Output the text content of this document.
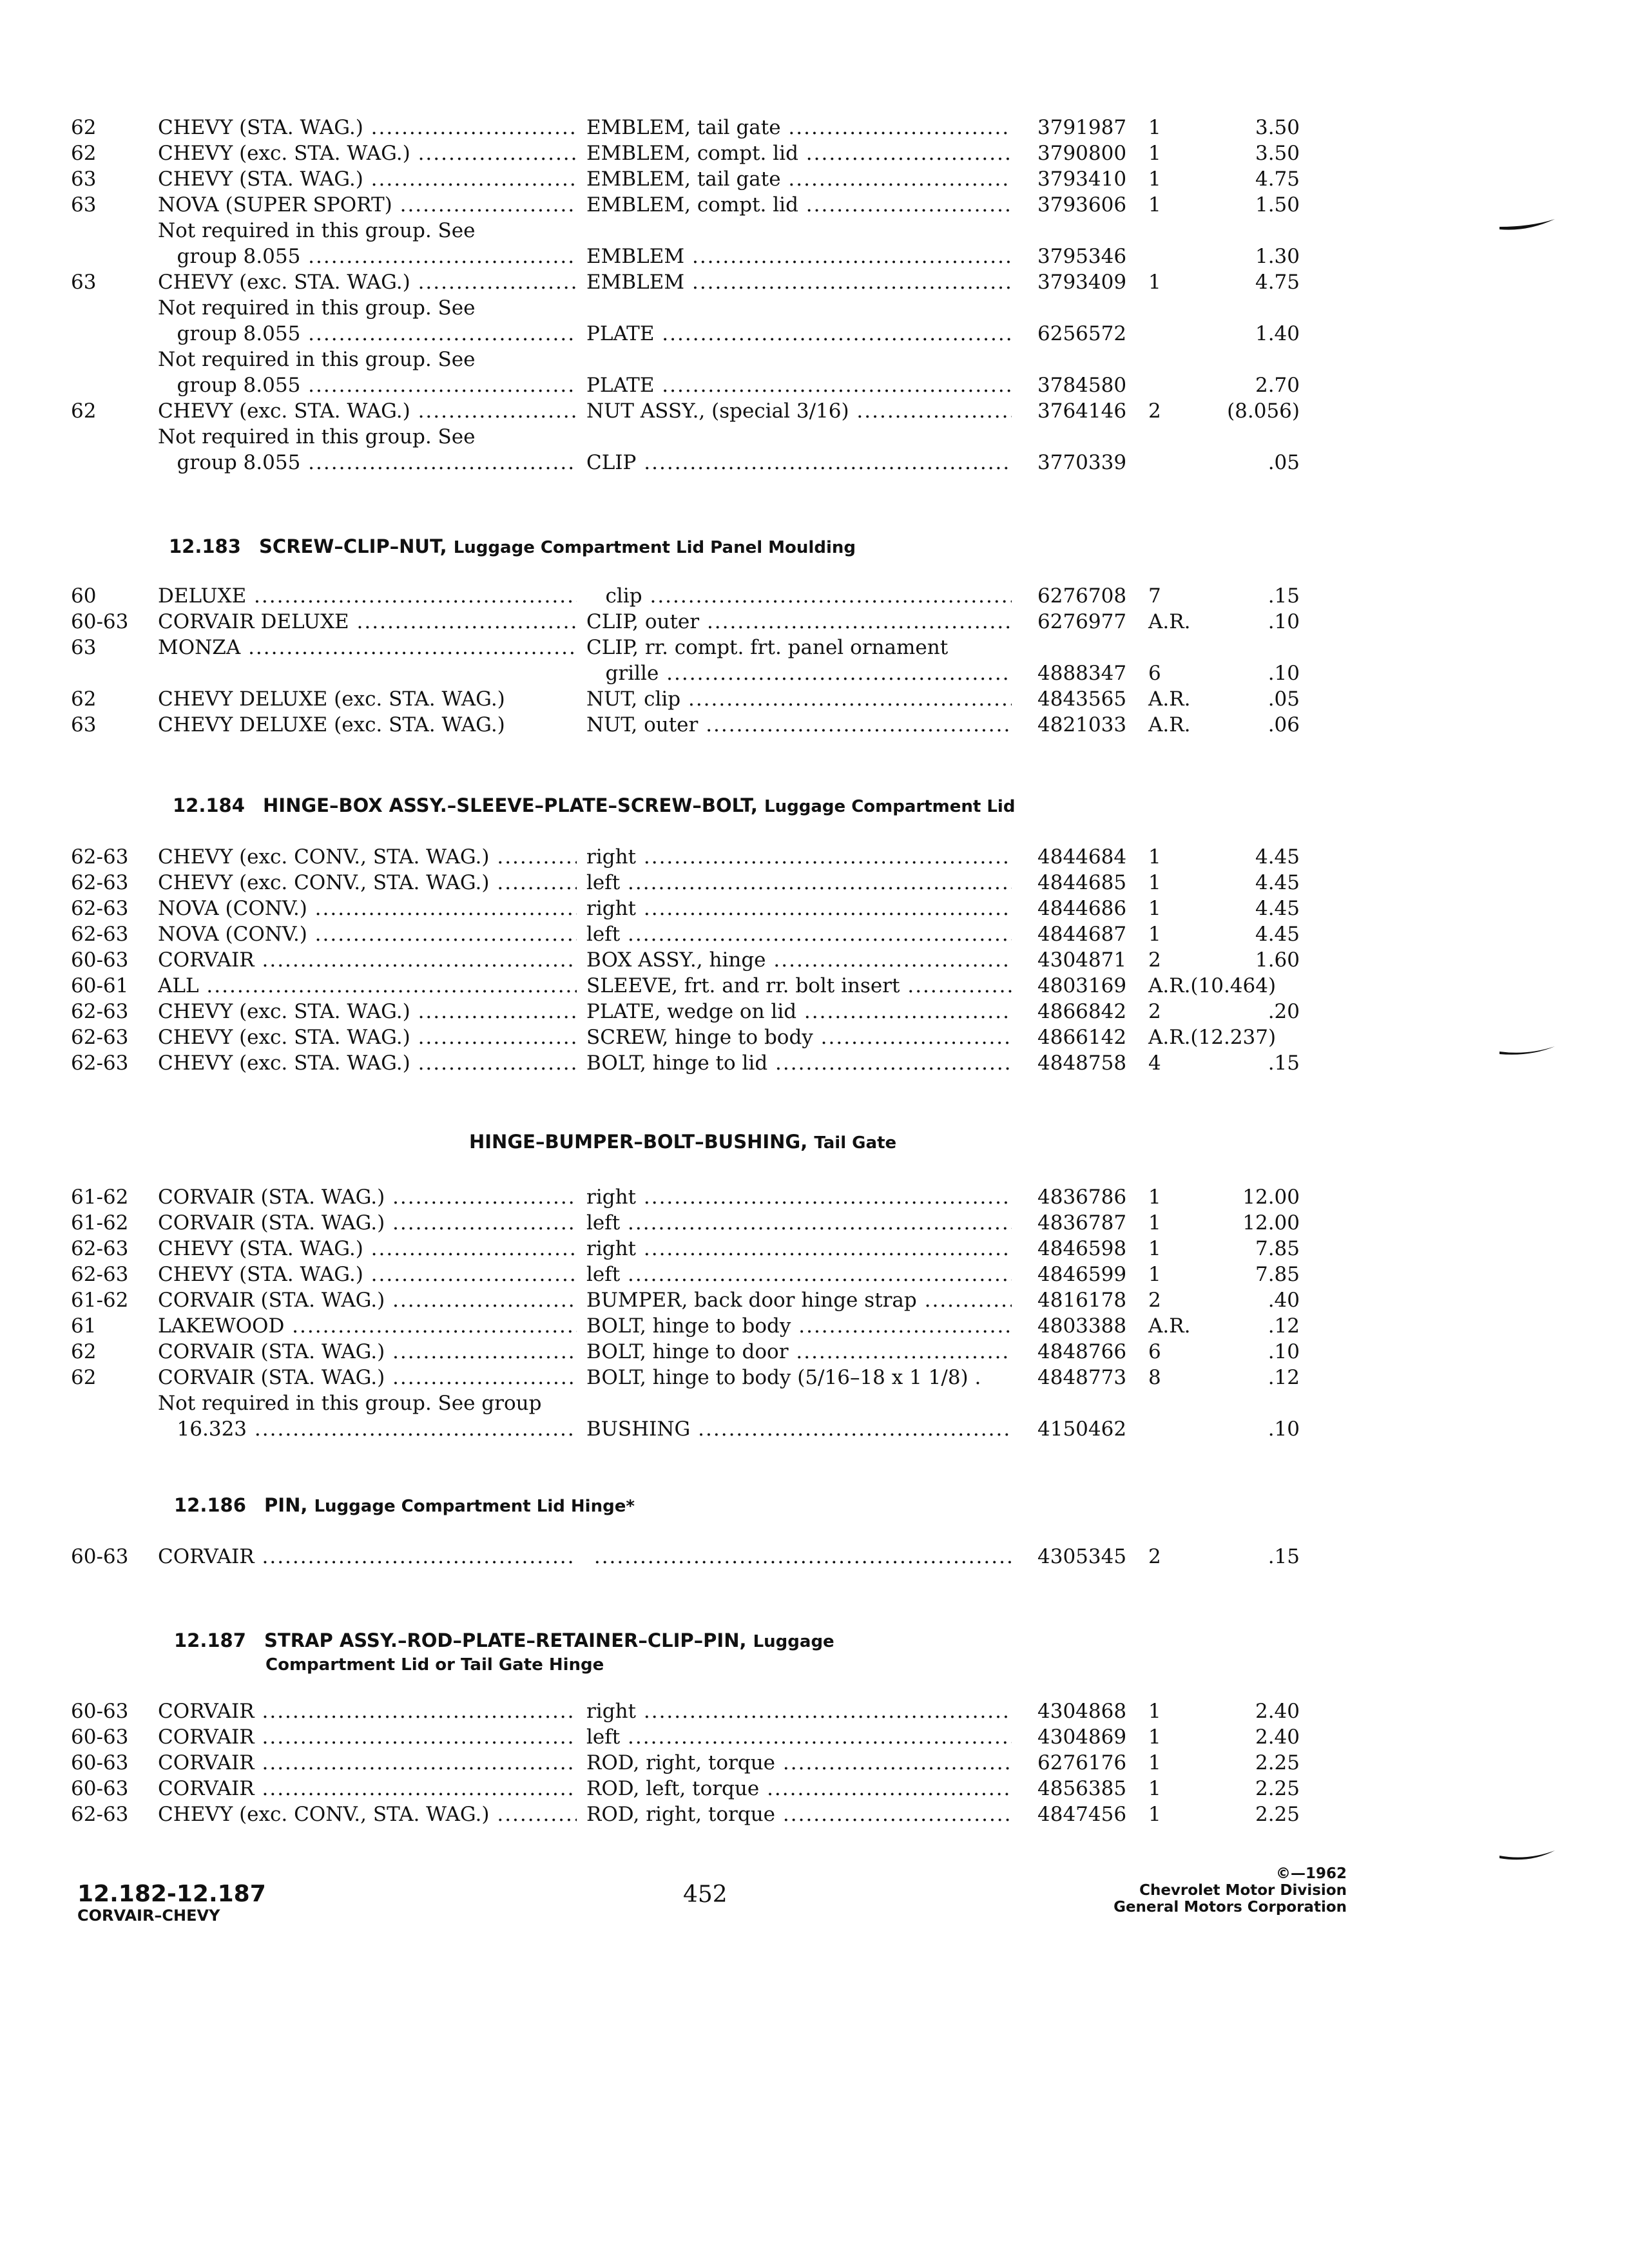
62	CHEVY (STA. WAG.) .....	EMBLEM, tail gate .....	3791987	1	3.50
62	CHEVY (exc. STA. WAG.) .....	EMBLEM, compt. lid .....	3790800	1	3.50
63	CHEVY (STA. WAG.) .....	EMBLEM, tail gate .....	3793410	1	4.75
63	NOVA (SUPER SPORT) .....	EMBLEM, compt. lid .....	3793606	1	1.50
Not required in this group. See
group 8.055 .....	EMBLEM .....	3795346	1.30
63	CHEVY (exc. STA. WAG.) .....	EMBLEM .....	3793409	1	4.75
Not required in this group. See
group 8.055 .....	PLATE .....	6256572	1.40
Not required in this group. See
group 8.055 .....	PLATE .....	3784580	2.70
62	CHEVY (exc. STA. WAG.) .....	NUT ASSY., (special 3/16) .....	3764146	2	(8.056)
Not required in this group. See
group 8.055 .....	CLIP .....	3770339	.05
12.183 SCREW–CLIP–NUT, Luggage Compartment Lid Panel Moulding
60	DELUXE .....	clip .....	6276708	7	.15
60-63	CORVAIR DELUXE .....	CLIP, outer .....	6276977	A.R.	.10
63	MONZA .....	CLIP, rr. compt. frt. panel ornament
grille .....	4888347	6	.10
62	CHEVY DELUXE (exc. STA. WAG.)	NUT, clip .....	4843565	A.R.	.05
63	CHEVY DELUXE (exc. STA. WAG.)	NUT, outer .....	4821033	A.R.	.06
12.184 HINGE–BOX ASSY.–SLEEVE–PLATE–SCREW–BOLT, Luggage Compartment Lid
62-63	CHEVY (exc. CONV., STA. WAG.) .....	right .....	4844684	1	4.45
62-63	CHEVY (exc. CONV., STA. WAG.) .....	left .....	4844685	1	4.45
62-63	NOVA (CONV.) .....	right .....	4844686	1	4.45
62-63	NOVA (CONV.) .....	left .....	4844687	1	4.45
60-63	CORVAIR .....	BOX ASSY., hinge .....	4304871	2	1.60
60-61	ALL .....	SLEEVE, frt. and rr. bolt insert .....	4803169	A.R.(10.464)
62-63	CHEVY (exc. STA. WAG.) .....	PLATE, wedge on lid .....	4866842	2	.20
62-63	CHEVY (exc. STA. WAG.) .....	SCREW, hinge to body .....	4866142	A.R.(12.237)
62-63	CHEVY (exc. STA. WAG.) .....	BOLT, hinge to lid .....	4848758	4	.15
HINGE–BUMPER–BOLT–BUSHING, Tail Gate
61-62	CORVAIR (STA. WAG.) .....	right .....	4836786	1	12.00
61-62	CORVAIR (STA. WAG.) .....	left .....	4836787	1	12.00
62-63	CHEVY (STA. WAG.) .....	right .....	4846598	1	7.85
62-63	CHEVY (STA. WAG.) .....	left .....	4846599	1	7.85
61-62	CORVAIR (STA. WAG.) .....	BUMPER, back door hinge strap .....	4816178	2	.40
61	LAKEWOOD .....	BOLT, hinge to body .....	4803388	A.R.	.12
62	CORVAIR (STA. WAG.) .....	BOLT, hinge to door .....	4848766	6	.10
62	CORVAIR (STA. WAG.) .....	BOLT, hinge to body (5/16–18 x 1 1/8) .	4848773	8	.12
Not required in this group. See group
16.323 .....	BUSHING .....	4150462	.10
12.186 PIN, Luggage Compartment Lid Hinge*
60-63	CORVAIR .....
.....	4305345	2	.15
12.187 STRAP ASSY.–ROD–PLATE–RETAINER–CLIP–PIN, Luggage
Compartment Lid or Tail Gate Hinge
60-63	CORVAIR .....	right .....	4304868	1	2.40
60-63	CORVAIR .....	left .....	4304869	1	2.40
60-63	CORVAIR .....	ROD, right, torque .....	6276176	1	2.25
60-63	CORVAIR .....	ROD, left, torque .....	4856385	1	2.25
62-63	CHEVY (exc. CONV., STA. WAG.) .....	ROD, right, torque .....	4847456	1	2.25
12.182-12.187
CORVAIR–CHEVY
452
©—1962
Chevrolet Motor Division
General Motors Corporation
